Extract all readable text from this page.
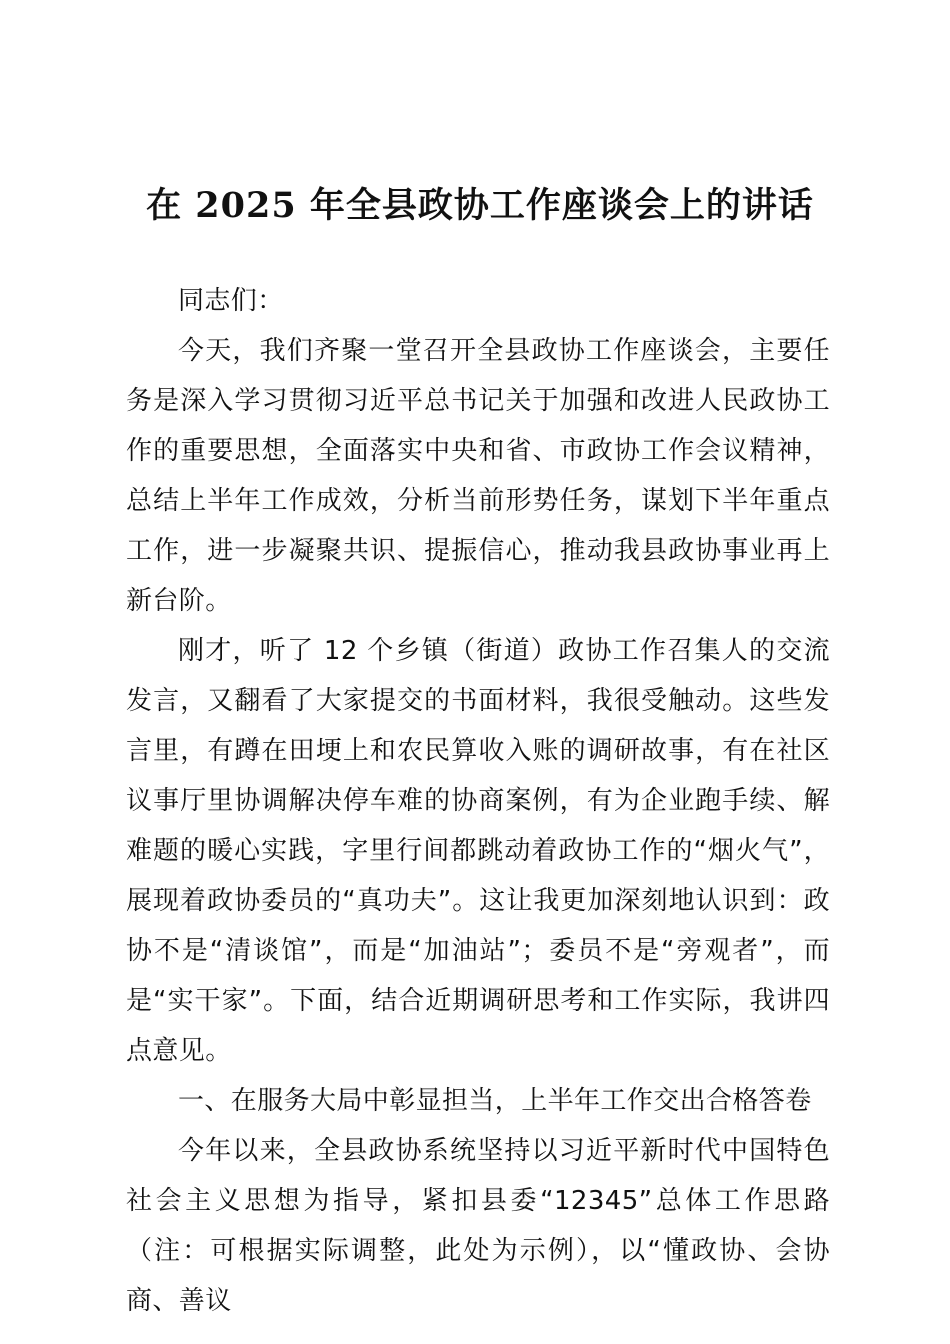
在 2025 年全县政协工作座谈会上的讲话

同志们：

今天，我们齐聚一堂召开全县政协工作座谈会，主要任务是深入学习贯彻习近平总书记关于加强和改进人民政协工作的重要思想，全面落实中央和省、市政协工作会议精神，总结上半年工作成效，分析当前形势任务，谋划下半年重点工作，进一步凝聚共识、提振信心，推动我县政协事业再上新台阶。

刚才，听了 12 个乡镇（街道）政协工作召集人的交流发言，又翻看了大家提交的书面材料，我很受触动。这些发言里，有蹲在田埂上和农民算收入账的调研故事，有在社区议事厅里协调解决停车难的协商案例，有为企业跑手续、解难题的暖心实践，字里行间都跳动着政协工作的“烟火气”，展现着政协委员的“真功夫”。这让我更加深刻地认识到：政协不是“清谈馆”，而是“加油站”；委员不是“旁观者”，而是“实干家”。下面，结合近期调研思考和工作实际，我讲四点意见。

一、在服务大局中彰显担当，上半年工作交出合格答卷

今年以来，全县政协系统坚持以习近平新时代中国特色社会主义思想为指导，紧扣县委“12345”总体工作思路（注：可根据实际调整，此处为示例），以“懂政协、会协商、善议
